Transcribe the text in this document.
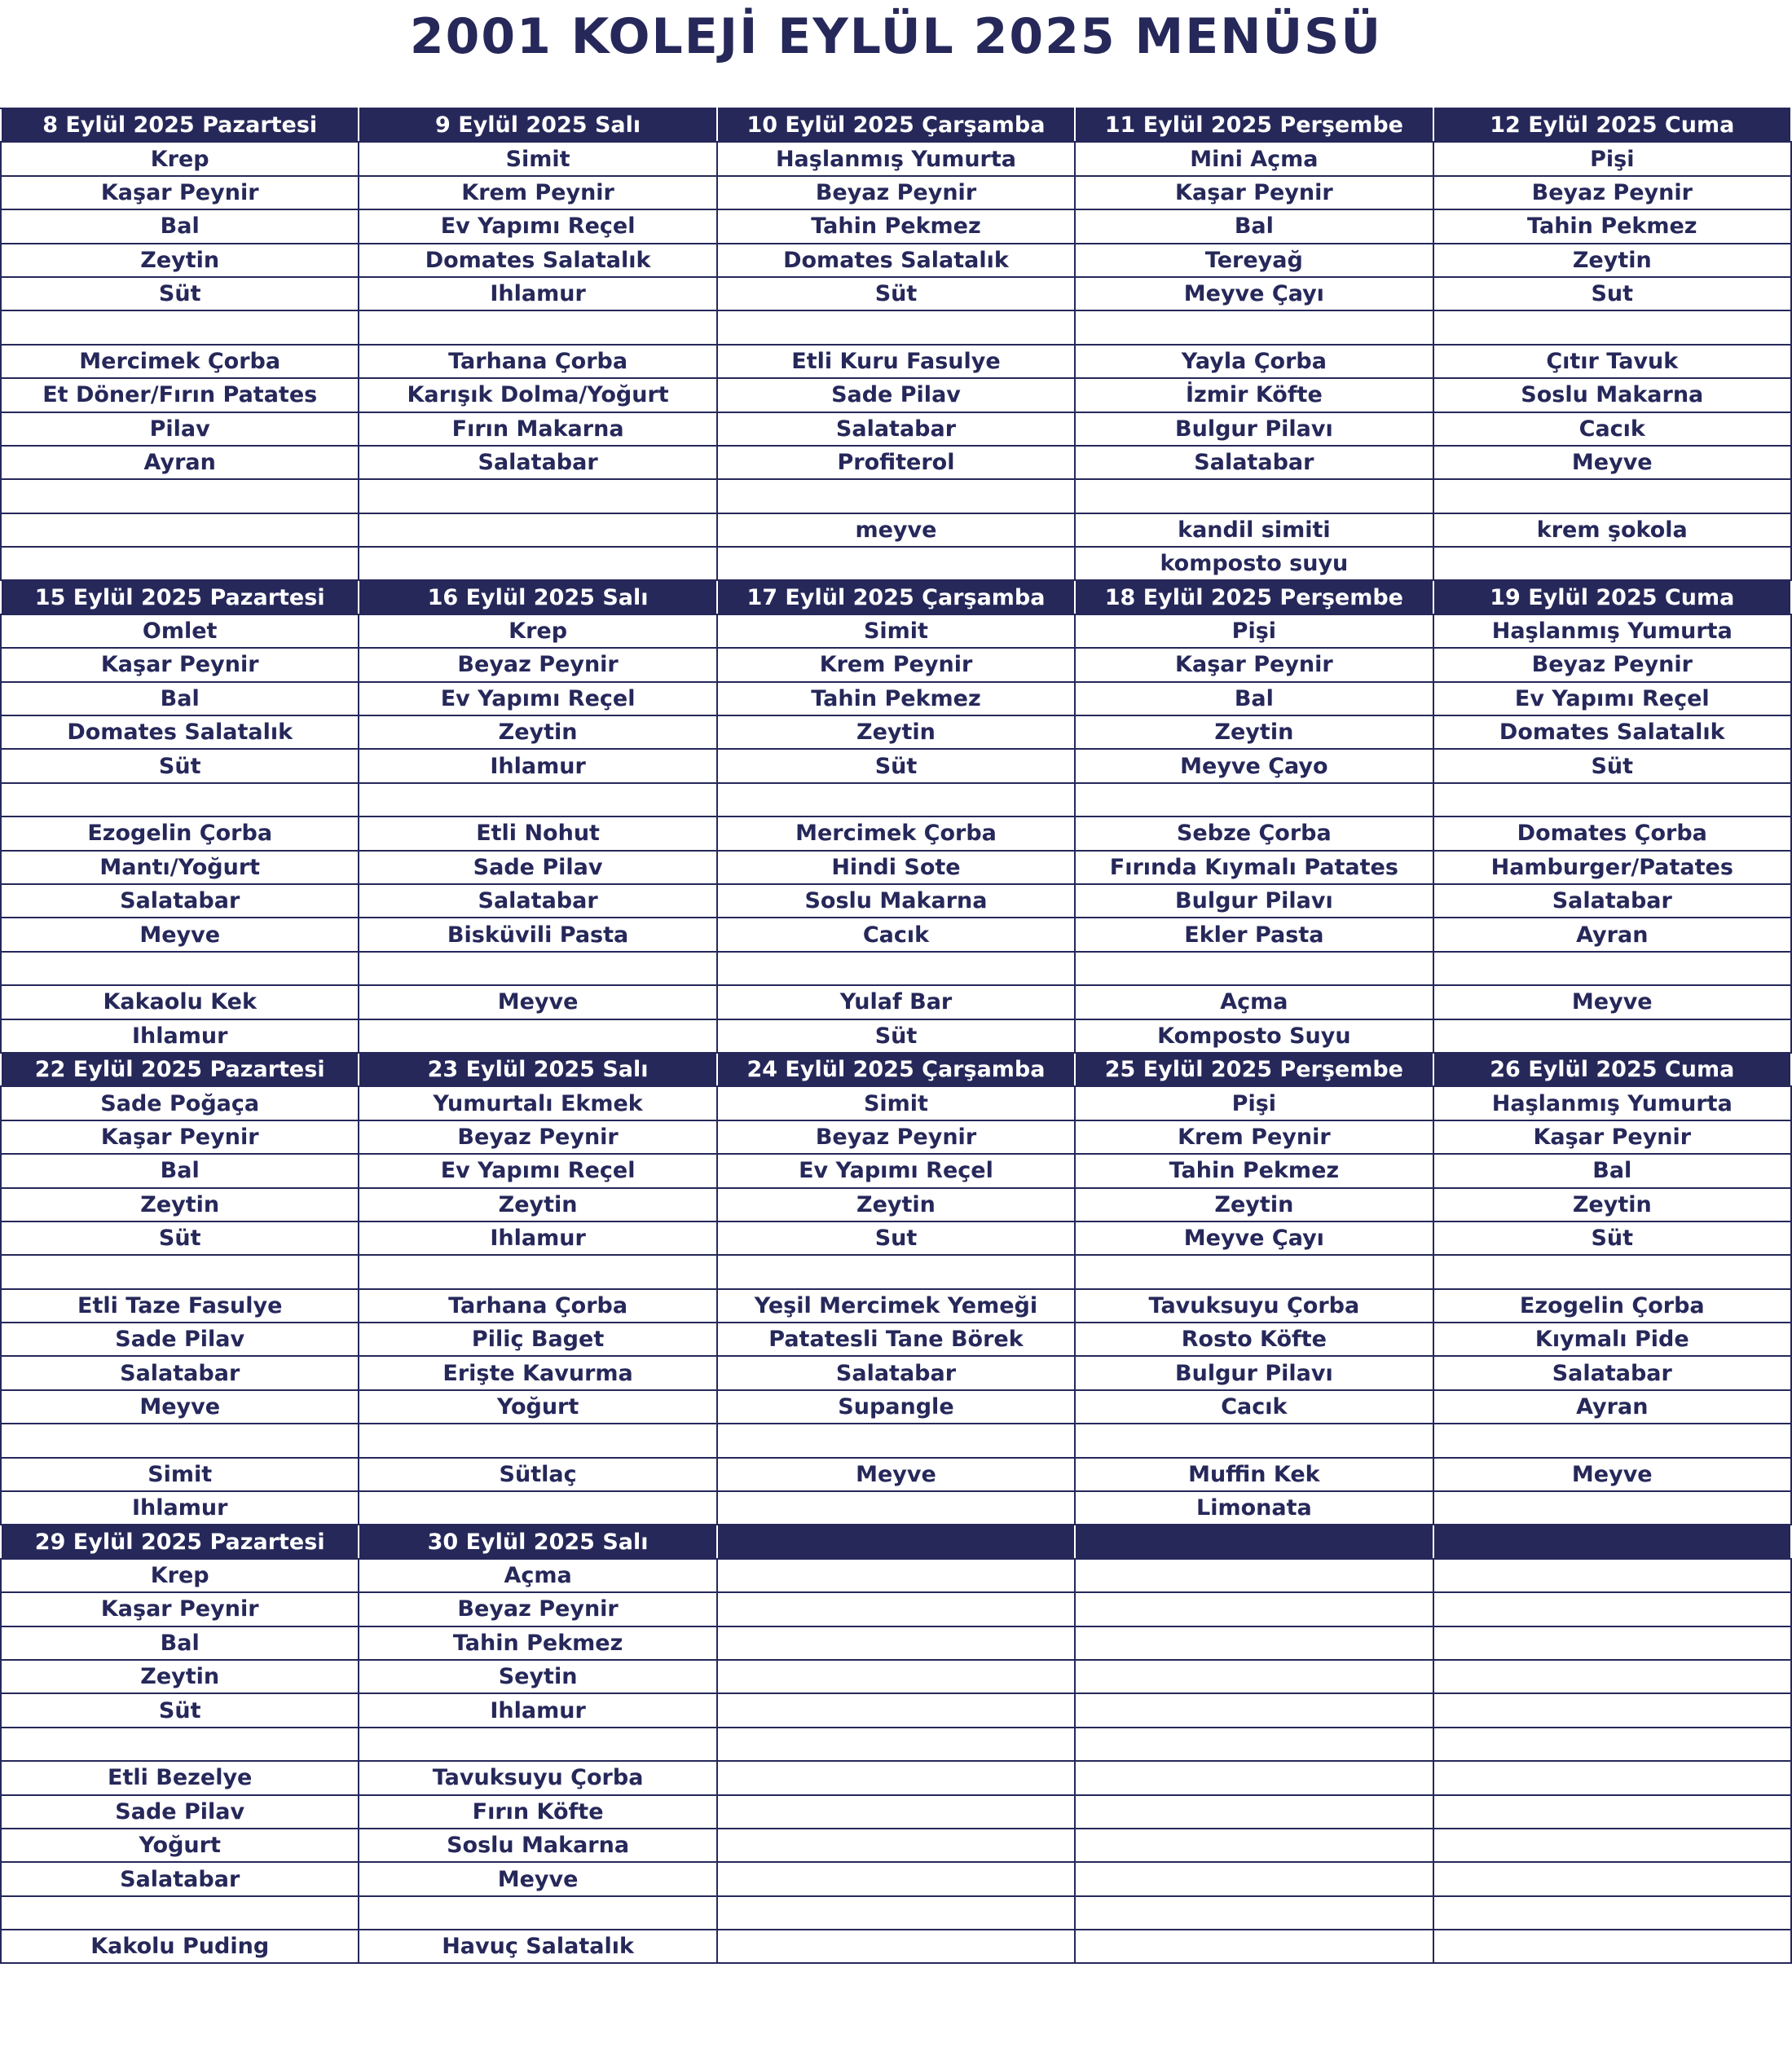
2001 KOLEJİ EYLÜL 2025 MENÜSÜ
8 Eylül 2025 Pazartesi	9 Eylül 2025 Salı	10 Eylül 2025 Çarşamba	11 Eylül 2025 Perşembe	12 Eylül 2025 Cuma
Krep	Simit	Haşlanmış Yumurta	Mini Açma	Pişi
Kaşar Peynir	Krem Peynir	Beyaz Peynir	Kaşar Peynir	Beyaz Peynir
Bal	Ev Yapımı Reçel	Tahin Pekmez	Bal	Tahin Pekmez
Zeytin	Domates Salatalık	Domates Salatalık	Tereyağ	Zeytin
Süt	Ihlamur	Süt	Meyve Çayı	Sut

Mercimek Çorba	Tarhana Çorba	Etli Kuru Fasulye	Yayla Çorba	Çıtır Tavuk
Et Döner/Fırın Patates	Karışık Dolma/Yoğurt	Sade Pilav	İzmir Köfte	Soslu Makarna
Pilav	Fırın Makarna	Salatabar	Bulgur Pilavı	Cacık
Ayran	Salatabar	Profiterol	Salatabar	Meyve

		meyve	kandil simiti	krem şokola
			komposto suyu	
15 Eylül 2025 Pazartesi	16 Eylül 2025 Salı	17 Eylül 2025 Çarşamba	18 Eylül 2025 Perşembe	19 Eylül 2025 Cuma
Omlet	Krep	Simit	Pişi	Haşlanmış Yumurta
Kaşar Peynir	Beyaz Peynir	Krem Peynir	Kaşar Peynir	Beyaz Peynir
Bal	Ev Yapımı Reçel	Tahin Pekmez	Bal	Ev Yapımı Reçel
Domates Salatalık	Zeytin	Zeytin	Zeytin	Domates Salatalık
Süt	Ihlamur	Süt	Meyve Çayo	Süt

Ezogelin Çorba	Etli Nohut	Mercimek Çorba	Sebze Çorba	Domates Çorba
Mantı/Yoğurt	Sade Pilav	Hindi Sote	Fırında Kıymalı Patates	Hamburger/Patates
Salatabar	Salatabar	Soslu Makarna	Bulgur Pilavı	Salatabar
Meyve	Bisküvili Pasta	Cacık	Ekler Pasta	Ayran

Kakaolu Kek	Meyve	Yulaf Bar	Açma	Meyve
Ihlamur		Süt	Komposto Suyu	
22 Eylül 2025 Pazartesi	23 Eylül 2025 Salı	24 Eylül 2025 Çarşamba	25 Eylül 2025 Perşembe	26 Eylül 2025 Cuma
Sade Poğaça	Yumurtalı Ekmek	Simit	Pişi	Haşlanmış Yumurta
Kaşar Peynir	Beyaz Peynir	Beyaz Peynir	Krem Peynir	Kaşar Peynir
Bal	Ev Yapımı Reçel	Ev Yapımı Reçel	Tahin Pekmez	Bal
Zeytin	Zeytin	Zeytin	Zeytin	Zeytin
Süt	Ihlamur	Sut	Meyve Çayı	Süt

Etli Taze Fasulye	Tarhana Çorba	Yeşil Mercimek Yemeği	Tavuksuyu Çorba	Ezogelin Çorba
Sade Pilav	Piliç Baget	Patatesli Tane Börek	Rosto Köfte	Kıymalı Pide
Salatabar	Erişte Kavurma	Salatabar	Bulgur Pilavı	Salatabar
Meyve	Yoğurt	Supangle	Cacık	Ayran

Simit	Sütlaç	Meyve	Muffin Kek	Meyve
Ihlamur			Limonata	
29 Eylül 2025 Pazartesi	30 Eylül 2025 Salı			
Krep	Açma			
Kaşar Peynir	Beyaz Peynir			
Bal	Tahin Pekmez			
Zeytin	Seytin			
Süt	Ihlamur			

Etli Bezelye	Tavuksuyu Çorba			
Sade Pilav	Fırın Köfte			
Yoğurt	Soslu Makarna			
Salatabar	Meyve			

Kakolu Puding	Havuç Salatalık			
